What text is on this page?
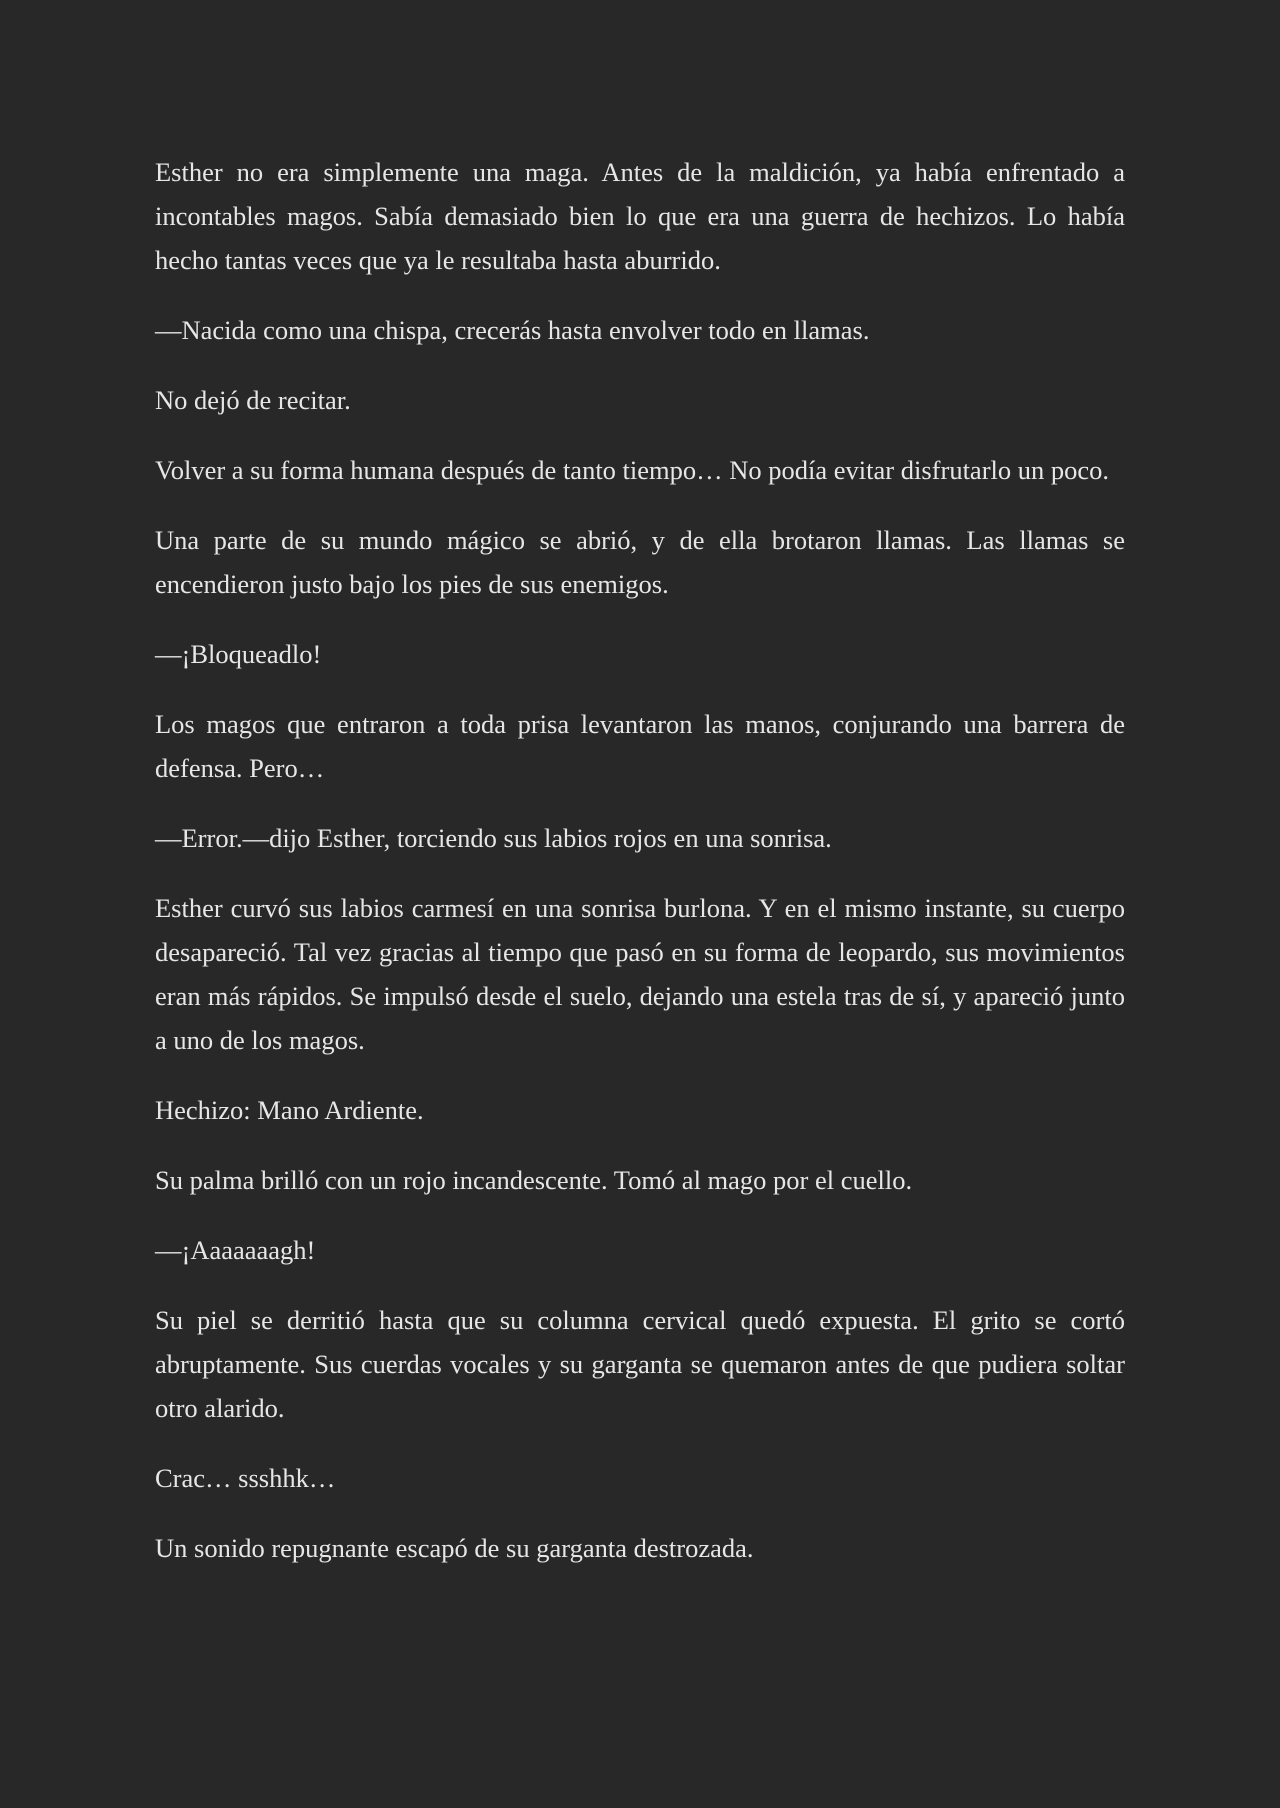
Esther no era simplemente una maga. Antes de la maldición, ya había enfrentado a incontables magos. Sabía demasiado bien lo que era una guerra de hechizos. Lo había hecho tantas veces que ya le resultaba hasta aburrido.

—Nacida como una chispa, crecerás hasta envolver todo en llamas.

No dejó de recitar.

Volver a su forma humana después de tanto tiempo… No podía evitar disfrutarlo un poco.

Una parte de su mundo mágico se abrió, y de ella brotaron llamas. Las llamas se encendieron justo bajo los pies de sus enemigos.

—¡Bloqueadlo!

Los magos que entraron a toda prisa levantaron las manos, conjurando una barrera de defensa. Pero…

—Error.—dijo Esther, torciendo sus labios rojos en una sonrisa.

Esther curvó sus labios carmesí en una sonrisa burlona. Y en el mismo instante, su cuerpo desapareció. Tal vez gracias al tiempo que pasó en su forma de leopardo, sus movimientos eran más rápidos. Se impulsó desde el suelo, dejando una estela tras de sí, y apareció junto a uno de los magos.

Hechizo: Mano Ardiente.

Su palma brilló con un rojo incandescente. Tomó al mago por el cuello.

—¡Aaaaaaagh!

Su piel se derritió hasta que su columna cervical quedó expuesta. El grito se cortó abruptamente. Sus cuerdas vocales y su garganta se quemaron antes de que pudiera soltar otro alarido.

Crac… ssshhk…

Un sonido repugnante escapó de su garganta destrozada.
